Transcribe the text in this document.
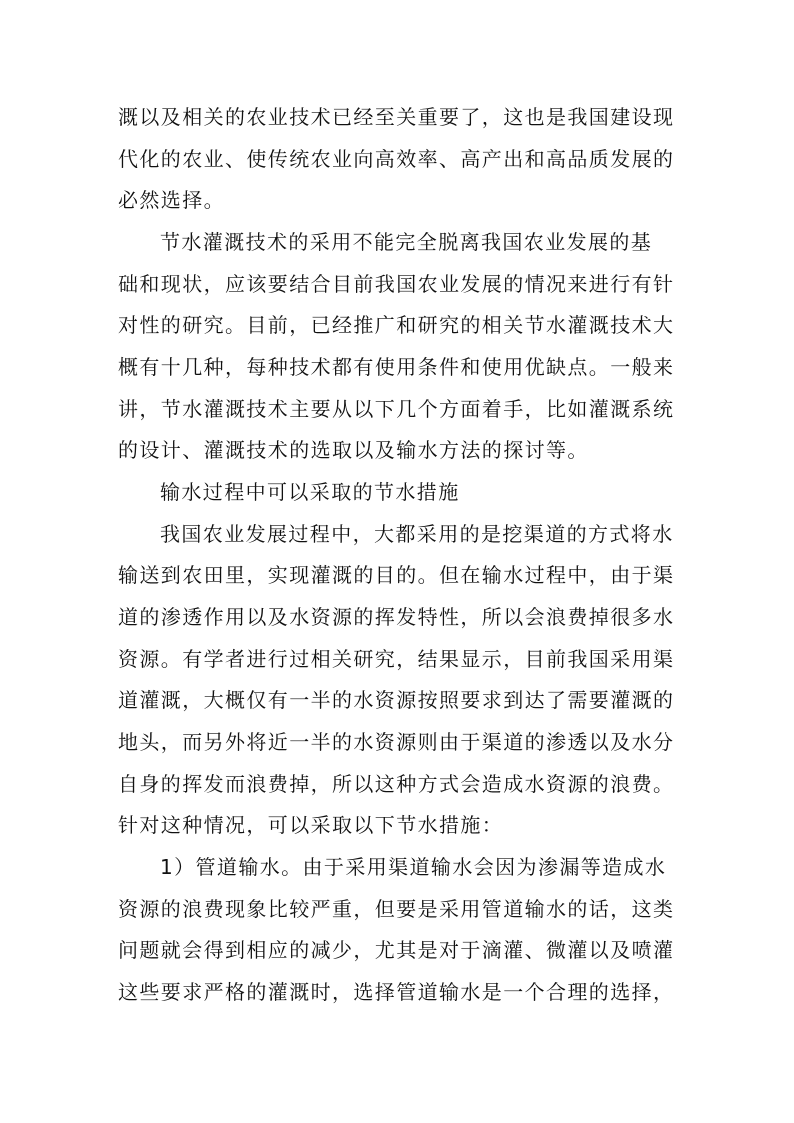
溉以及相关的农业技术已经至关重要了，这也是我国建设现
代化的农业、使传统农业向高效率、高产出和高品质发展的
必然选择。
节水灌溉技术的采用不能完全脱离我国农业发展的基
础和现状，应该要结合目前我国农业发展的情况来进行有针
对性的研究。目前，已经推广和研究的相关节水灌溉技术大
概有十几种，每种技术都有使用条件和使用优缺点。一般来
讲，节水灌溉技术主要从以下几个方面着手，比如灌溉系统
的设计、灌溉技术的选取以及输水方法的探讨等。
输水过程中可以采取的节水措施
我国农业发展过程中，大都采用的是挖渠道的方式将水
输送到农田里，实现灌溉的目的。但在输水过程中，由于渠
道的渗透作用以及水资源的挥发特性，所以会浪费掉很多水
资源。有学者进行过相关研究，结果显示，目前我国采用渠
道灌溉，大概仅有一半的水资源按照要求到达了需要灌溉的
地头，而另外将近一半的水资源则由于渠道的渗透以及水分
自身的挥发而浪费掉，所以这种方式会造成水资源的浪费。
针对这种情况，可以采取以下节水措施：
1）管道输水。由于采用渠道输水会因为渗漏等造成水
资源的浪费现象比较严重，但要是采用管道输水的话，这类
问题就会得到相应的减少，尤其是对于滴灌、微灌以及喷灌
这些要求严格的灌溉时，选择管道输水是一个合理的选择，
